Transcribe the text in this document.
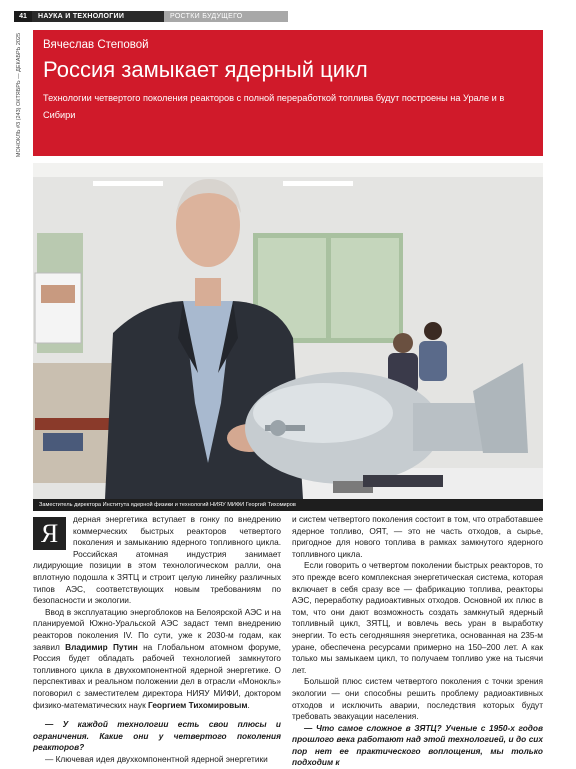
41	НАУКА И ТЕХНОЛОГИИ	РОСТКИ БУДУЩЕГО
МОНОКЛЬ #3 (243) ОКТЯБРЬ — ДЕКАБРЬ 2025 Вячеслав Степовой
Россия замыкает ядерный цикл
Технологии четвертого поколения реакторов с полной переработкой топлива будут построены на Урале и в Сибири
Заместитель директора Института ядерной физики и технологий НИЯУ МИФИ Георгий Тихомиров
Я	дерная энергетика вступает в гонку по внедрению коммерческих быстрых реакторов четвертого поколения и замыканию ядерного топливного цикла. Российская атомная индустрия занимает лидирующие позиции в этом технологическом ралли, она вплотную подошла к ЗЯТЦ и строит целую линейку различных типов АЭС, соответствующих новым требованиям по безопасности и экологии.

Ввод в эксплуатацию энергоблоков на Белоярской АЭС и на планируемой Южно-Уральской АЭС задаст темп внедрению реакторов поколения IV. По сути, уже к 2030-м годам, как заявил Владимир Путин на Глобальном атомном форуме, Россия будет обладать рабочей технологией замкнутого топливного цикла в двухкомпонентной ядерной энергетике. О перспективах и реальном положении дел в отрасли «Монокль» поговорил с заместителем директора НИЯУ МИФИ, доктором физико-математических наук Георгием Тихомировым.

— У каждой технологии есть свои плюсы и ограничения. Какие они у четвертого поколения реакторов?

— Ключевая идея двухкомпонентной ядерной энергетики

и систем четвертого поколения состоит в том, что отработавшее ядерное топливо, ОЯТ, — это не часть отходов, а сырье, пригодное для нового топлива в рамках замкнутого ядерного топливного цикла.

Если говорить о четвертом поколении быстрых реакторов, то это прежде всего комплексная энергетическая система, которая включает в себя сразу все — фабрикацию топлива, реакторы АЭС, переработку радиоактивных отходов. Основной их плюс в том, что они дают возможность создать замкнутый ядерный топливный цикл, ЗЯТЦ, и вовлечь весь уран в выработку энергии. То есть сегодняшняя энергетика, основанная на 235-м уране, обеспечена ресурсами примерно на 150–200 лет. А как только мы замыкаем цикл, то получаем топливо уже на тысячи лет.

Большой плюс систем четвертого поколения с точки зрения экологии — они способны решить проблему радиоактивных отходов и исключить аварии, последствия которых будут требовать эвакуации населения.

— Что самое сложное в ЗЯТЦ? Ученые с 1950-х годов прошлого века работают над этой технологией, и до сих пор нет ее практического воплощения, мы только подходим к
